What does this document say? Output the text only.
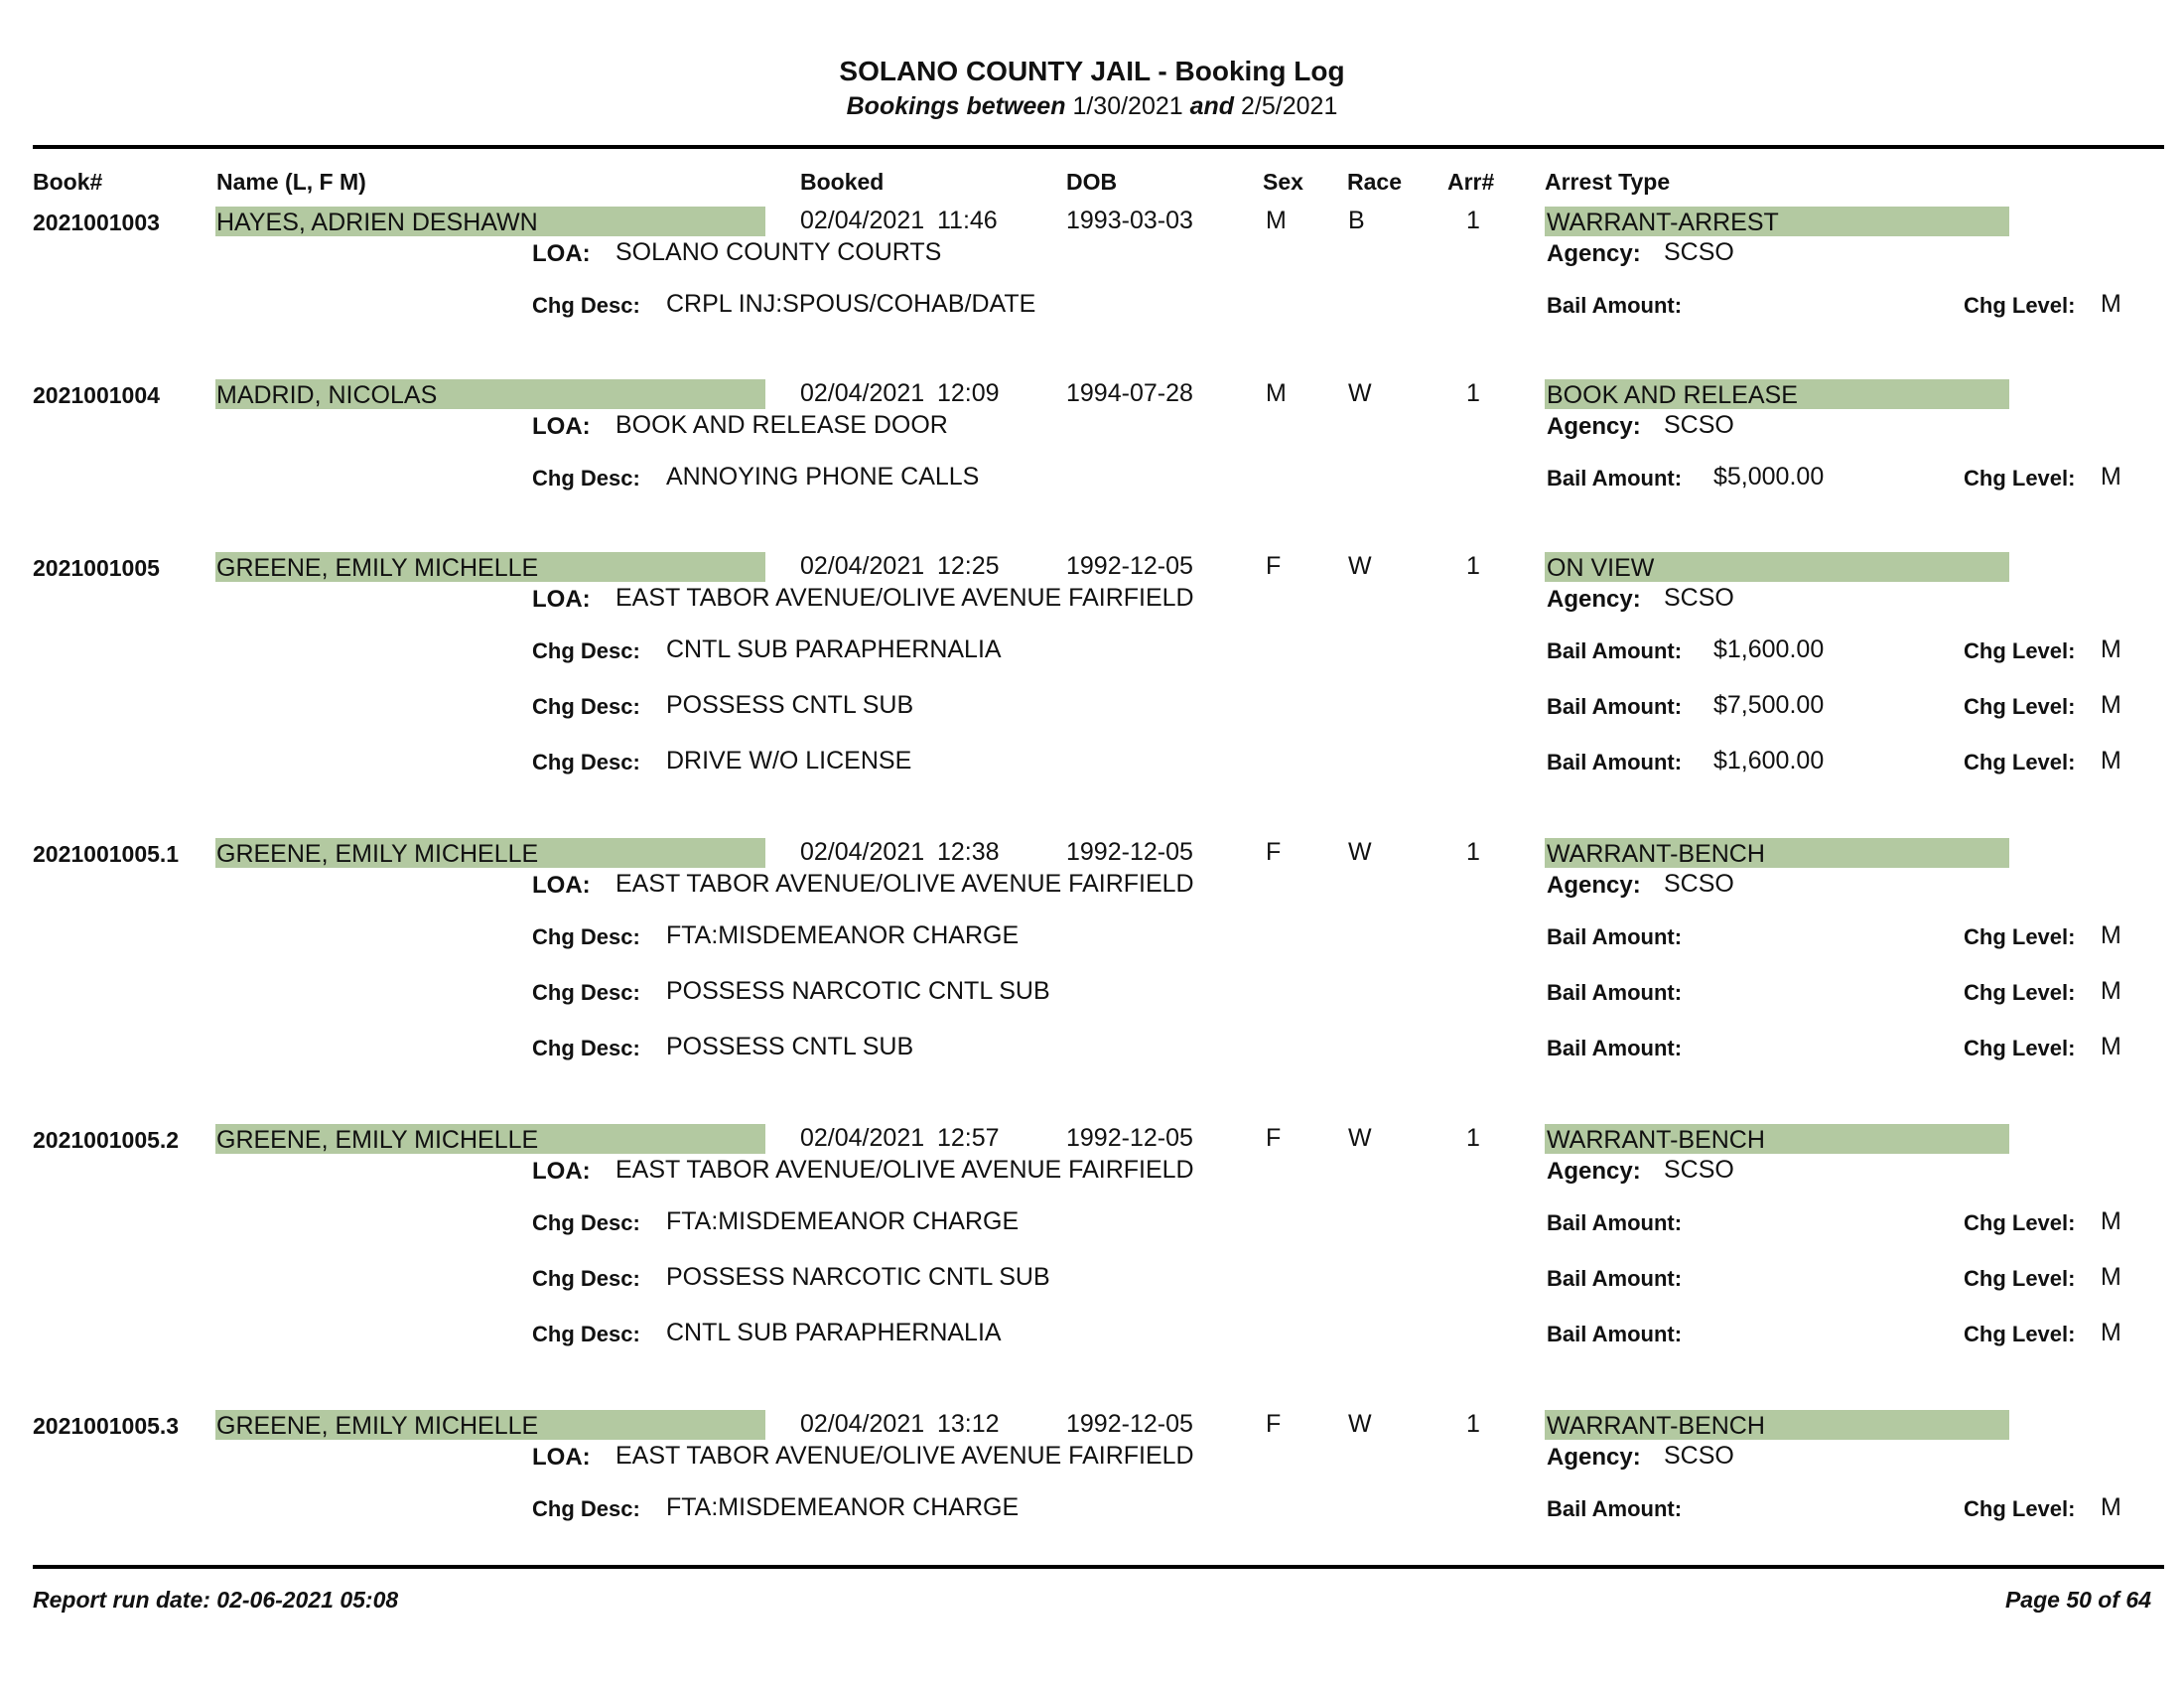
SOLANO COUNTY JAIL - Booking Log
Bookings between 1/30/2021 and 2/5/2021
Book#	Name (L, F M)	Booked	DOB	Sex Race Arr# Arrest Type
2021001003 HAYES, ADRIEN DESHAWN	02/04/2021 11:46	1993-03-03	M B	1	WARRANT-ARREST
LOA: SOLANO COUNTY COURTS	Agency: SCSO
Chg Desc: CRPL INJ:SPOUS/COHAB/DATE	Bail Amount:	Chg Level: M
2021001004 MADRID, NICOLAS	02/04/2021 12:09	1994-07-28	M W	1	BOOK AND RELEASE
LOA: BOOK AND RELEASE DOOR	Agency: SCSO
Chg Desc: ANNOYING PHONE CALLS	Bail Amount: $5,000.00	Chg Level: M
2021001005 GREENE, EMILY MICHELLE	02/04/2021 12:25	1992-12-05	F	W	1	ON VIEW
LOA: EAST TABOR AVENUE/OLIVE AVENUE FAIRFIELD	Agency: SCSO
Chg Desc: CNTL SUB PARAPHERNALIA	Bail Amount: $1,600.00	Chg Level: M
Chg Desc: POSSESS CNTL SUB	Bail Amount: $7,500.00	Chg Level: M
Chg Desc: DRIVE W/O LICENSE	Bail Amount: $1,600.00	Chg Level: M
2021001005.1 GREENE, EMILY MICHELLE	02/04/2021 12:38	1992-12-05	F	W	1	WARRANT-BENCH
LOA: EAST TABOR AVENUE/OLIVE AVENUE FAIRFIELD	Agency: SCSO
Chg Desc: FTA:MISDEMEANOR CHARGE	Bail Amount:	Chg Level: M
Chg Desc: POSSESS NARCOTIC CNTL SUB	Bail Amount:	Chg Level: M
Chg Desc: POSSESS CNTL SUB	Bail Amount:	Chg Level: M
2021001005.2 GREENE, EMILY MICHELLE	02/04/2021 12:57	1992-12-05	F	W	1	WARRANT-BENCH
LOA: EAST TABOR AVENUE/OLIVE AVENUE FAIRFIELD	Agency: SCSO
Chg Desc: FTA:MISDEMEANOR CHARGE	Bail Amount:	Chg Level: M
Chg Desc: POSSESS NARCOTIC CNTL SUB	Bail Amount:	Chg Level: M
Chg Desc: CNTL SUB PARAPHERNALIA	Bail Amount:	Chg Level: M
2021001005.3 GREENE, EMILY MICHELLE	02/04/2021 13:12	1992-12-05	F	W	1	WARRANT-BENCH
LOA: EAST TABOR AVENUE/OLIVE AVENUE FAIRFIELD	Agency: SCSO
Chg Desc: FTA:MISDEMEANOR CHARGE	Bail Amount:	Chg Level: M
Report run date: 02-06-2021 05:08	Page 50 of 64
